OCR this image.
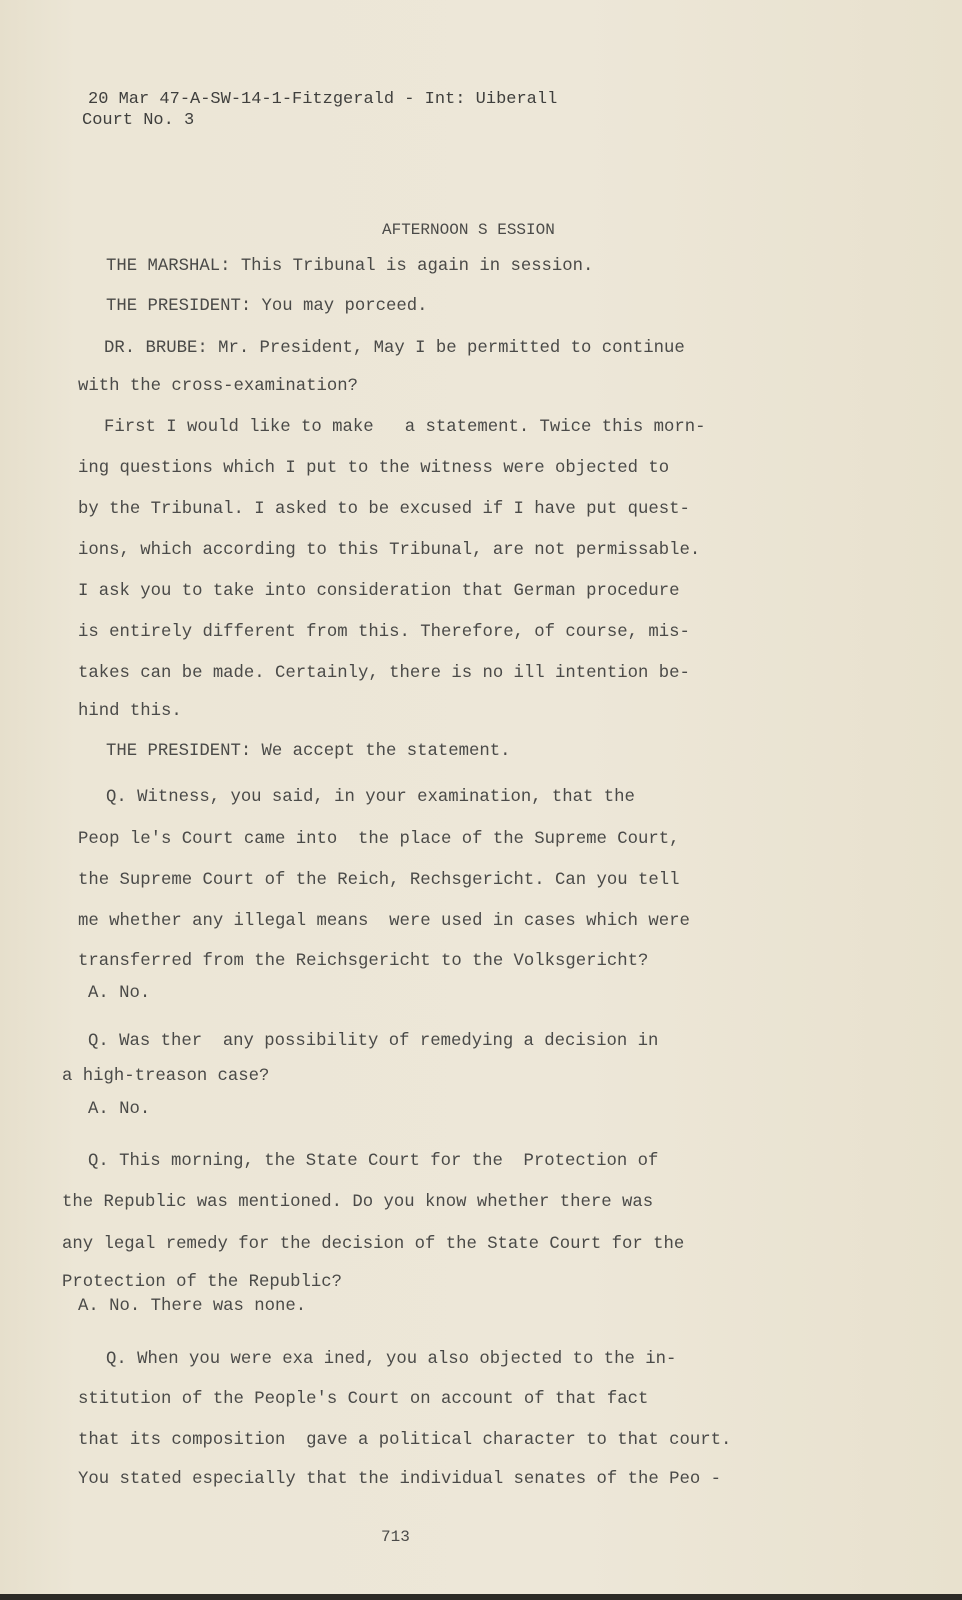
20 Mar 47-A-SW-14-1-Fitzgerald - Int: Uiberall
Court No. 3
AFTERNOON S ESSION
THE MARSHAL: This Tribunal is again in session.
THE PRESIDENT: You may porceed.
DR. BRUBE: Mr. President, May I be permitted to continue
with the cross-examination?
First I would like to make   a statement. Twice this morn-
ing questions which I put to the witness were objected to
by the Tribunal. I asked to be excused if I have put quest-
ions, which according to this Tribunal, are not permissable.
I ask you to take into consideration that German procedure
is entirely different from this. Therefore, of course, mis-
takes can be made. Certainly, there is no ill intention be-
hind this.
THE PRESIDENT: We accept the statement.
Q. Witness, you said, in your examination, that the
Peop le's Court came into  the place of the Supreme Court,
the Supreme Court of the Reich, Rechsgericht. Can you tell
me whether any illegal means  were used in cases which were
transferred from the Reichsgericht to the Volksgericht?
A. No.
Q. Was ther  any possibility of remedying a decision in
a high-treason case?
A. No.
Q. This morning, the State Court for the  Protection of
the Republic was mentioned. Do you know whether there was
any legal remedy for the decision of the State Court for the
Protection of the Republic?
A. No. There was none.
Q. When you were exa ined, you also objected to the in-
stitution of the People's Court on account of that fact
that its composition  gave a political character to that court.
You stated especially that the individual senates of the Peo -
713
